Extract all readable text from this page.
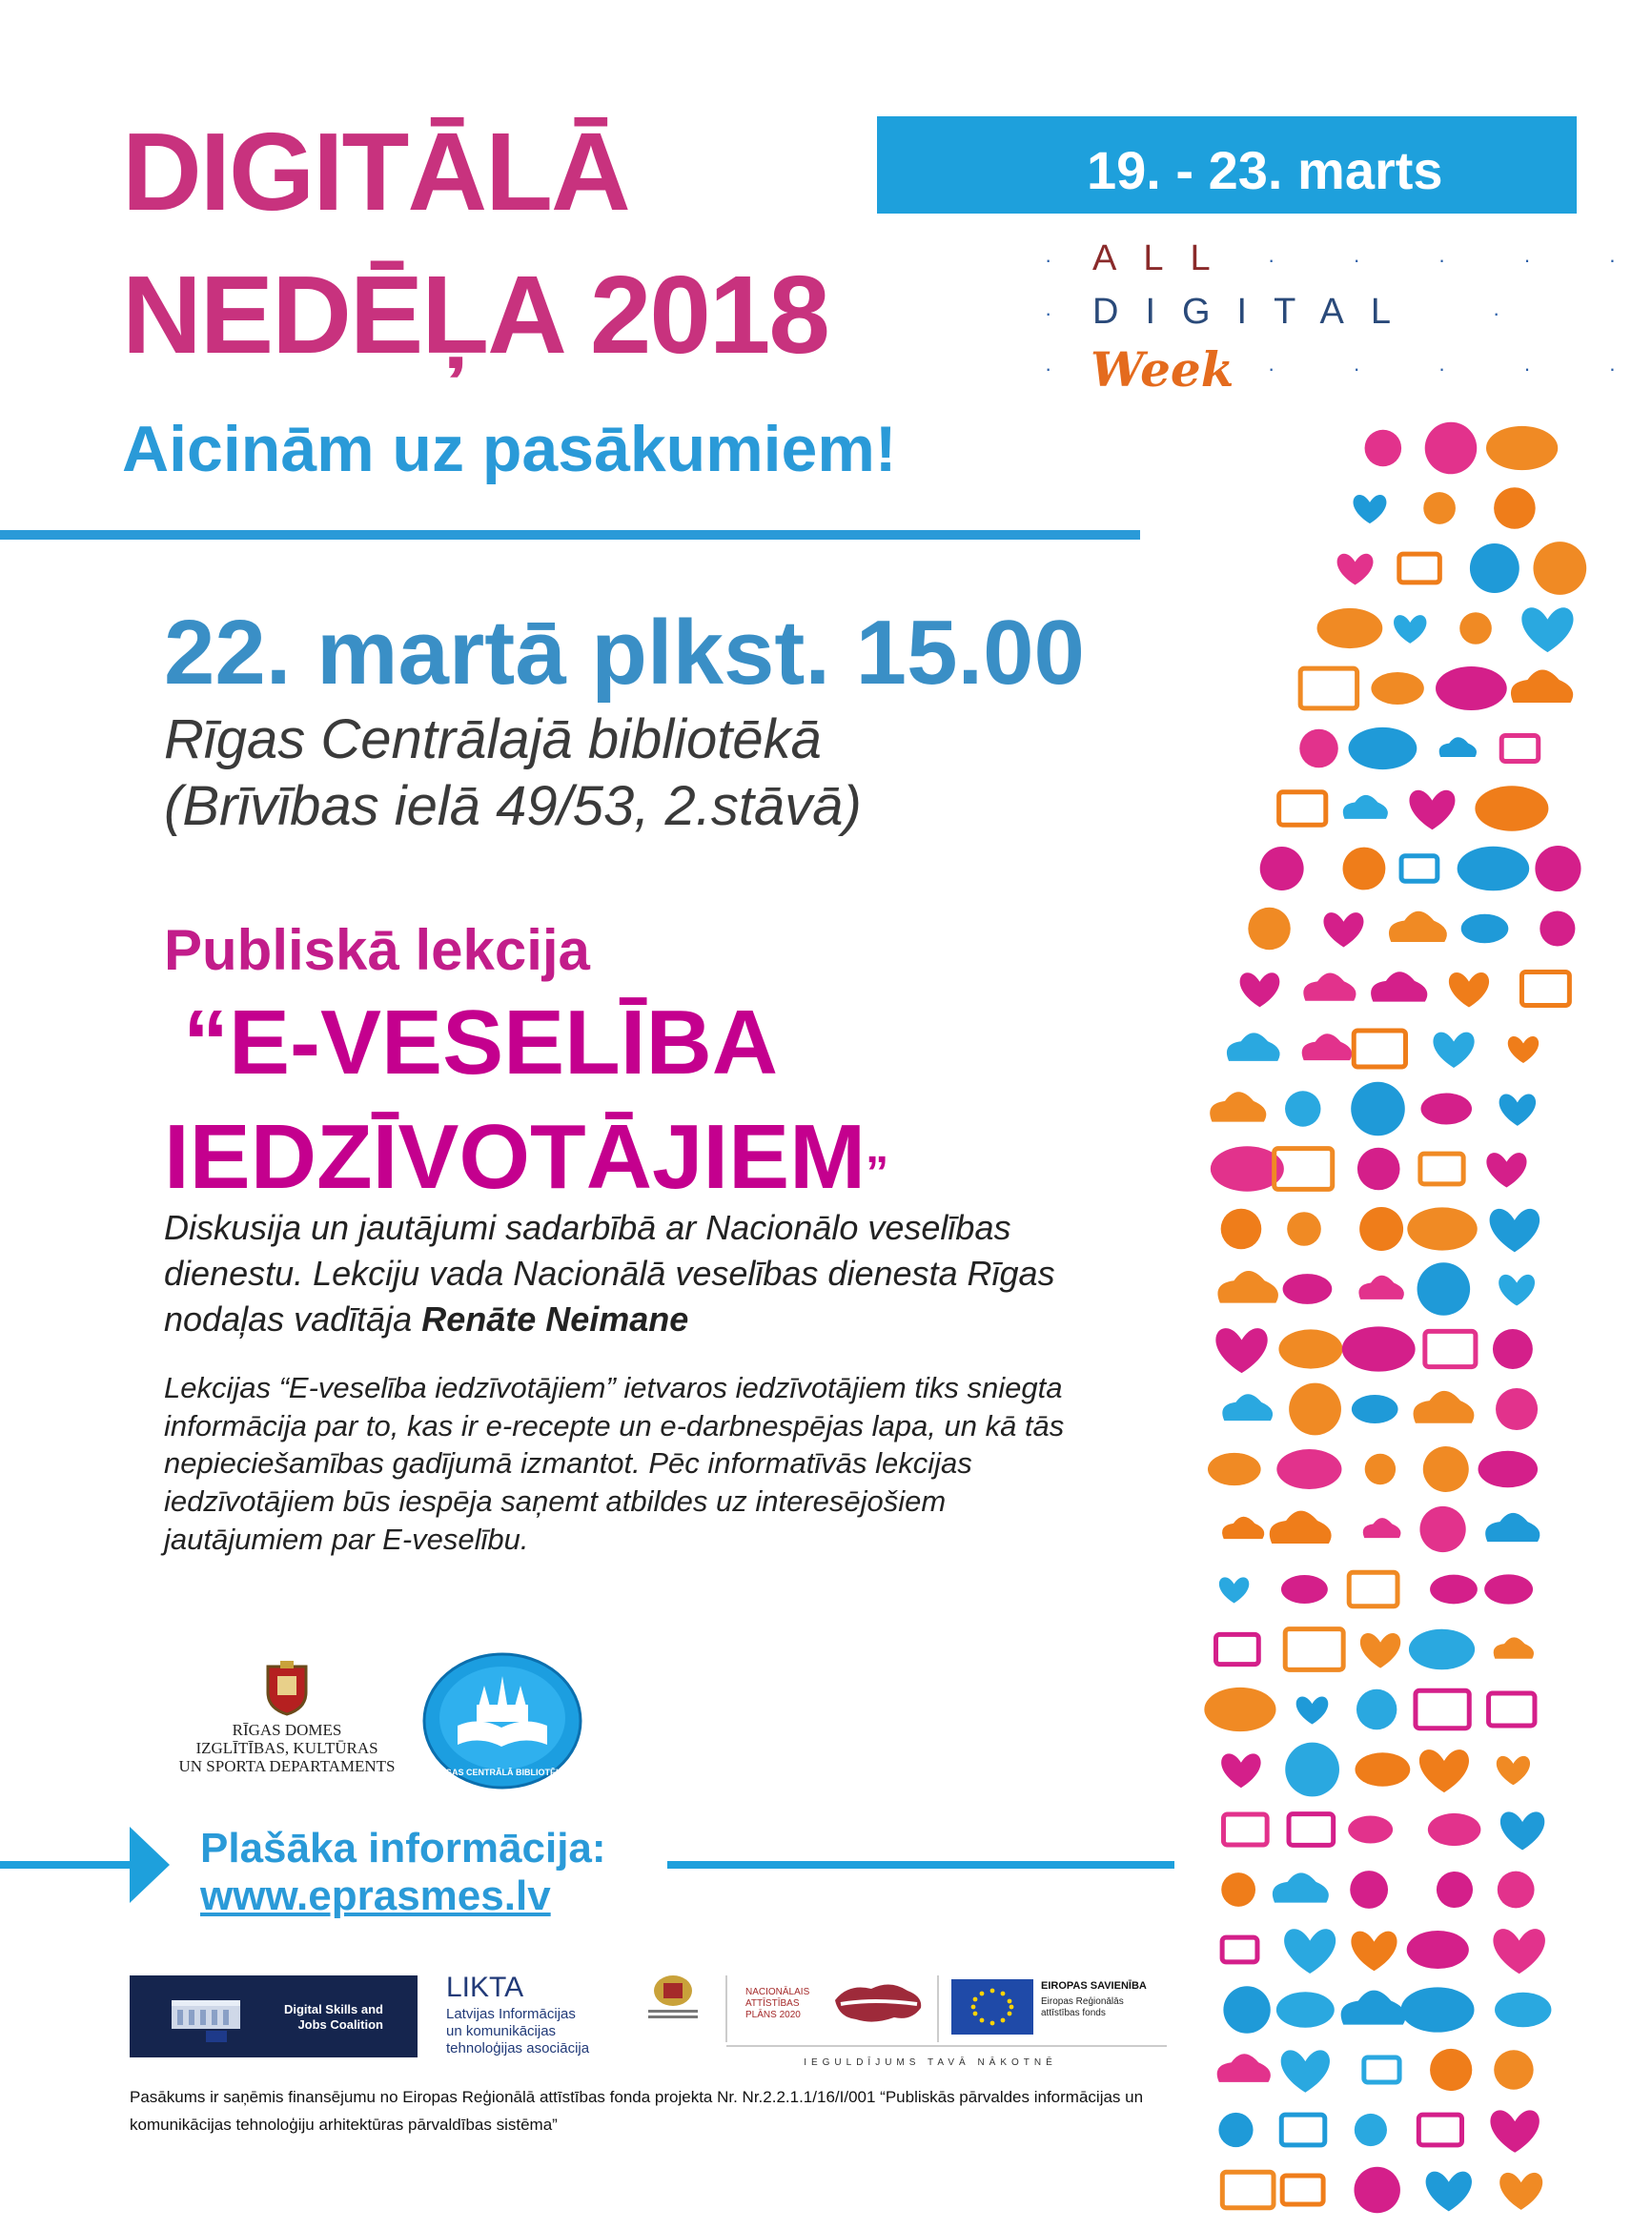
DIGITĀLĀ
NEDĒĻA 2018
Aicinām uz pasākumiem!
19. - 23. marts
· ALL · · · · ·
· DIGITAL	·
· Week · · · · ·
22. martā plkst. 15.00
Rīgas Centrālajā bibliotēkā
(Brīvības ielā 49/53, 2.stāvā)
Publiskā lekcija
“E-VESELĪBA
IEDZĪVOTĀJIEM”
Diskusija un jautājumi sadarbībā ar Nacionālo veselības
dienestu. Lekciju vada Nacionālā veselības dienesta Rīgas
nodaļas vadītāja Renāte Neimane
Lekcijas “E-veselība iedzīvotājiem” ietvaros iedzīvotājiem tiks sniegta
informācija par to, kas ir e-recepte un e-darbnespējas lapa, un kā tās
nepieciešamības gadījumā izmantot. Pēc informatīvās lekcijas
iedzīvotājiem būs iespēja saņemt atbildes uz interesējošiem
jautājumiem par E-veselību.
RĪGAS DOMES
IZGLĪTĪBAS, KULTŪRAS
UN SPORTA DEPARTAMENTS	RĪGAS CENTRĀLĀ BIBLIOTĒKA
Plašāka informācija:
www.eprasmes.lv
Digital Skills and
Jobs Coalition
LIKTA
Latvijas Informācijas
un komunikācijas
tehnoloģijas asociācija
NACIONĀLAIS
ATTĪSTĪBAS
PLĀNS 2020
EIROPAS SAVIENĪBA
Eiropas Reģionālās
attīstības fonds
IEGULDĪJUMS TAVĀ NĀKOTNĒ
Pasākums ir saņēmis finansējumu no Eiropas Reģionālā attīstības fonda projekta Nr. Nr.2.2.1.1/16/I/001 “Publiskās pārvaldes informācijas un
komunikācijas tehnoloģiju arhitektūras pārvaldības sistēma”
